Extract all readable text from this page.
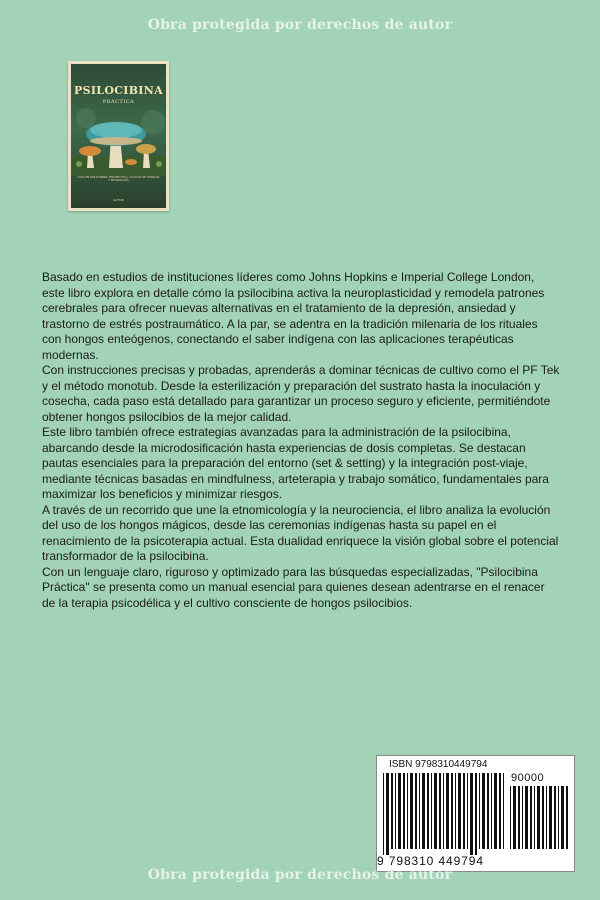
Obra protegida por derechos de autor
PSILOCIBINA
PRÁCTICA
GUÍA EN PSILOCIBINA TERAPÉUTICA, CULTIVO DE HONGOS Y MICRODOSIS
AUTOR

Basado en estudios de instituciones líderes como Johns Hopkins e Imperial College London, este libro explora en detalle cómo la psilocibina activa la neuroplasticidad y remodela patrones cerebrales para ofrecer nuevas alternativas en el tratamiento de la depresión, ansiedad y trastorno de estrés postraumático. A la par, se adentra en la tradición milenaria de los rituales con hongos enteógenos, conectando el saber indígena con las aplicaciones terapéuticas modernas.

Con instrucciones precisas y probadas, aprenderás a dominar técnicas de cultivo como el PF Tek y el método monotub. Desde la esterilización y preparación del sustrato hasta la inoculación y cosecha, cada paso está detallado para garantizar un proceso seguro y eficiente, permitiéndote obtener hongos psilocibios de la mejor calidad.

Este libro también ofrece estrategias avanzadas para la administración de la psilocibina, abarcando desde la microdosificación hasta experiencias de dosis completas. Se destacan pautas esenciales para la preparación del entorno (set & setting) y la integración post-viaje, mediante técnicas basadas en mindfulness, arteterapia y trabajo somático, fundamentales para maximizar los beneficios y minimizar riesgos.

A través de un recorrido que une la etnomicología y la neurociencia, el libro analiza la evolución del uso de los hongos mágicos, desde las ceremonias indígenas hasta su papel en el renacimiento de la psicoterapia actual. Esta dualidad enriquece la visión global sobre el potencial transformador de la psilocibina.

Con un lenguaje claro, riguroso y optimizado para las búsquedas especializadas, "Psilocibina Práctica" se presenta como un manual esencial para quienes desean adentrarse en el renacer de la terapia psicodélica y el cultivo consciente de hongos psilocibios.

ISBN 9798310449794
90000
9 798310 449794
Obra protegida por derechos de autor
